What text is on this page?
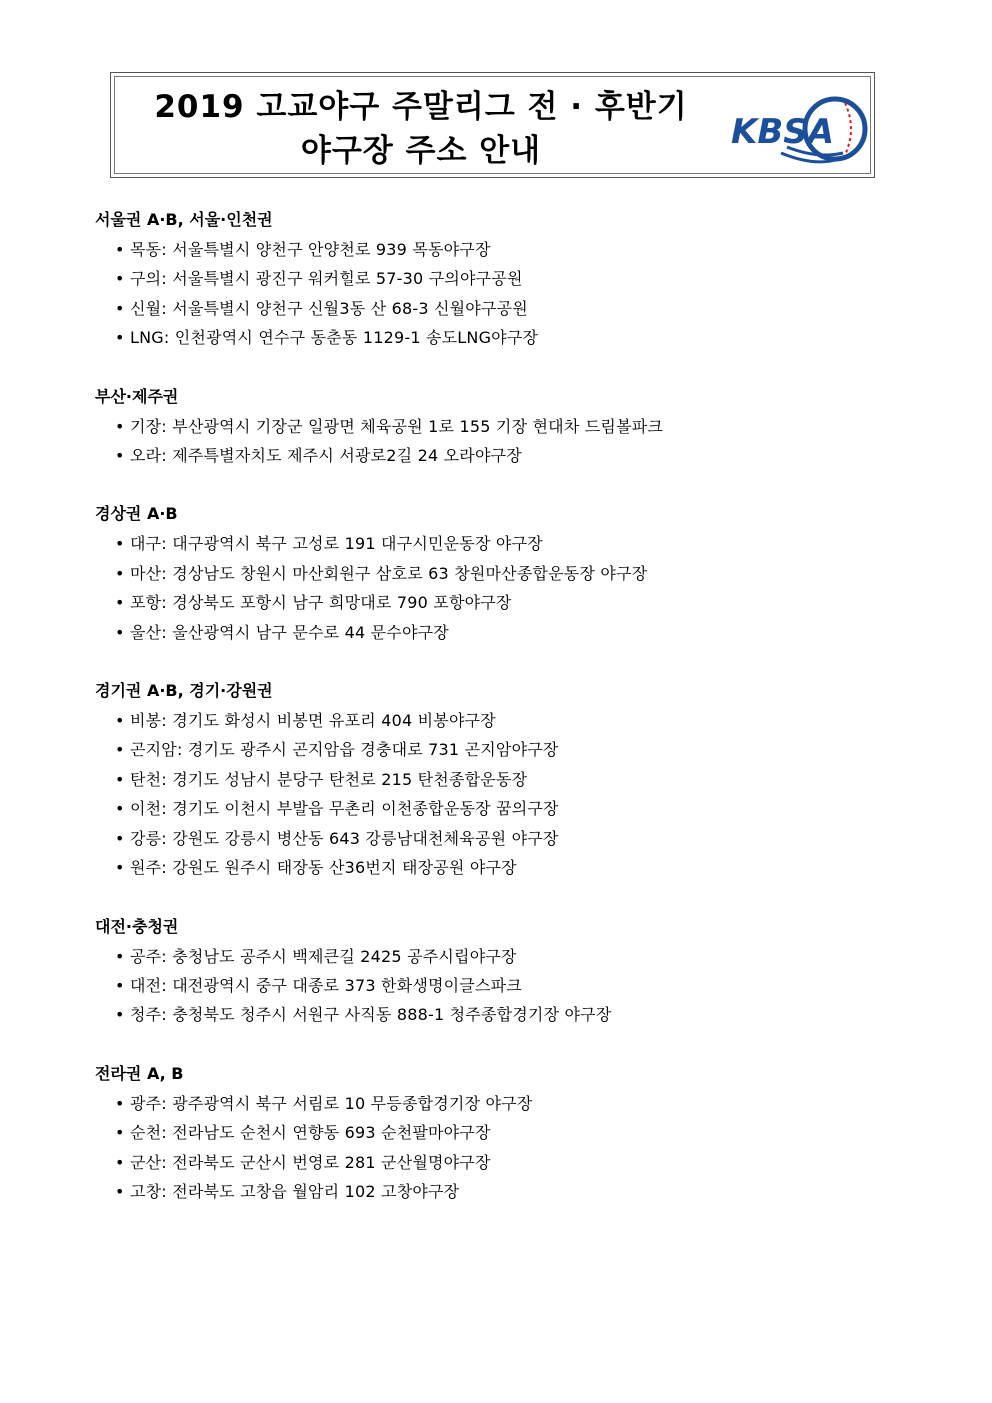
2019 고교야구 주말리그 전 · 후반기
야구장 주소 안내	KBSA
서울권 A·B, 서울·인천권
• 목동: 서울특별시 양천구 안양천로 939 목동야구장
• 구의: 서울특별시 광진구 워커힐로 57-30 구의야구공원
• 신월: 서울특별시 양천구 신월3동 산 68-3 신월야구공원
• LNG: 인천광역시 연수구 동춘동 1129-1 송도LNG야구장
부산·제주권
• 기장: 부산광역시 기장군 일광면 체육공원 1로 155 기장 현대차 드림볼파크
• 오라: 제주특별자치도 제주시 서광로2길 24 오라야구장
경상권 A·B
• 대구: 대구광역시 북구 고성로 191 대구시민운동장 야구장
• 마산: 경상남도 창원시 마산회원구 삼호로 63 창원마산종합운동장 야구장
• 포항: 경상북도 포항시 남구 희망대로 790 포항야구장
• 울산: 울산광역시 남구 문수로 44 문수야구장
경기권 A·B, 경기·강원권
• 비봉: 경기도 화성시 비봉면 유포리 404 비봉야구장
• 곤지암: 경기도 광주시 곤지암읍 경충대로 731 곤지암야구장
• 탄천: 경기도 성남시 분당구 탄천로 215 탄천종합운동장
• 이천: 경기도 이천시 부발읍 무촌리 이천종합운동장 꿈의구장
• 강릉: 강원도 강릉시 병산동 643 강릉남대천체육공원 야구장
• 원주: 강원도 원주시 태장동 산36번지 태장공원 야구장
대전·충청권
• 공주: 충청남도 공주시 백제큰길 2425 공주시립야구장
• 대전: 대전광역시 중구 대종로 373 한화생명이글스파크
• 청주: 충청북도 청주시 서원구 사직동 888-1 청주종합경기장 야구장
전라권 A, B
• 광주: 광주광역시 북구 서림로 10 무등종합경기장 야구장
• 순천: 전라남도 순천시 연향동 693 순천팔마야구장
• 군산: 전라북도 군산시 번영로 281 군산월명야구장
• 고창: 전라북도 고창읍 월암리 102 고창야구장
